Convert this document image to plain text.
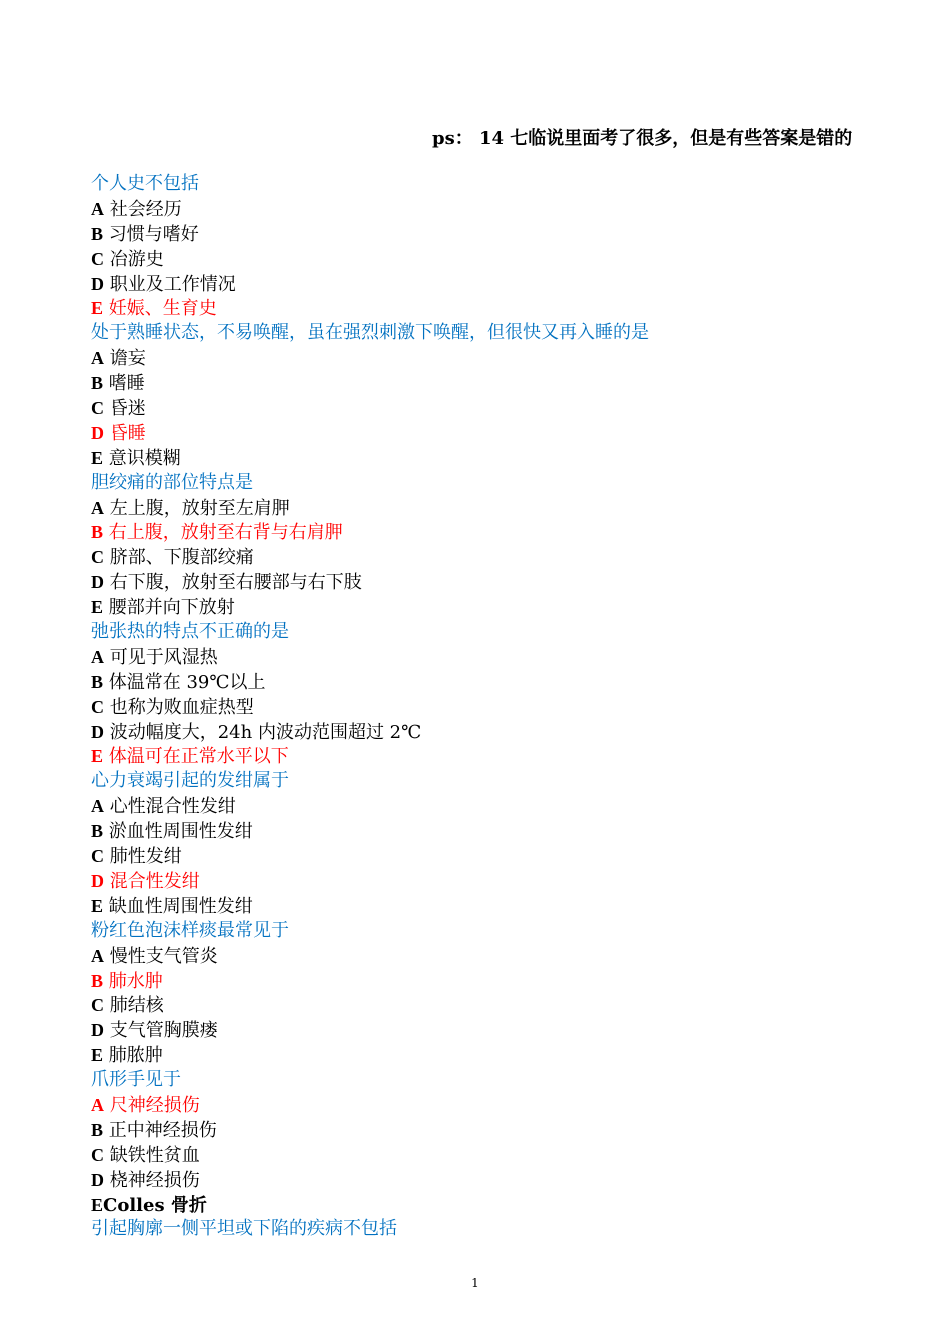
ps： 14 七临说里面考了很多，但是有些答案是错的
个人史不包括
A 社会经历
B 习惯与嗜好
C 冶游史
D 职业及工作情况
E 妊娠、生育史
处于熟睡状态，不易唤醒，虽在强烈刺激下唤醒，但很快又再入睡的是
A 谵妄
B 嗜睡
C 昏迷
D 昏睡
E 意识模糊
胆绞痛的部位特点是
A 左上腹，放射至左肩胛
B 右上腹，放射至右背与右肩胛
C 脐部、下腹部绞痛
D 右下腹，放射至右腰部与右下肢
E 腰部并向下放射
弛张热的特点不正确的是
A 可见于风湿热
B 体温常在 39℃以上
C 也称为败血症热型
D 波动幅度大，24h 内波动范围超过 2℃
E 体温可在正常水平以下
心力衰竭引起的发绀属于
A 心性混合性发绀
B 淤血性周围性发绀
C 肺性发绀
D 混合性发绀
E 缺血性周围性发绀
粉红色泡沫样痰最常见于
A 慢性支气管炎
B 肺水肿
C 肺结核
D 支气管胸膜瘘
E 肺脓肿
爪形手见于
A 尺神经损伤
B 正中神经损伤
C 缺铁性贫血
D 桡神经损伤
EColles 骨折
引起胸廓一侧平坦或下陷的疾病不包括
1
